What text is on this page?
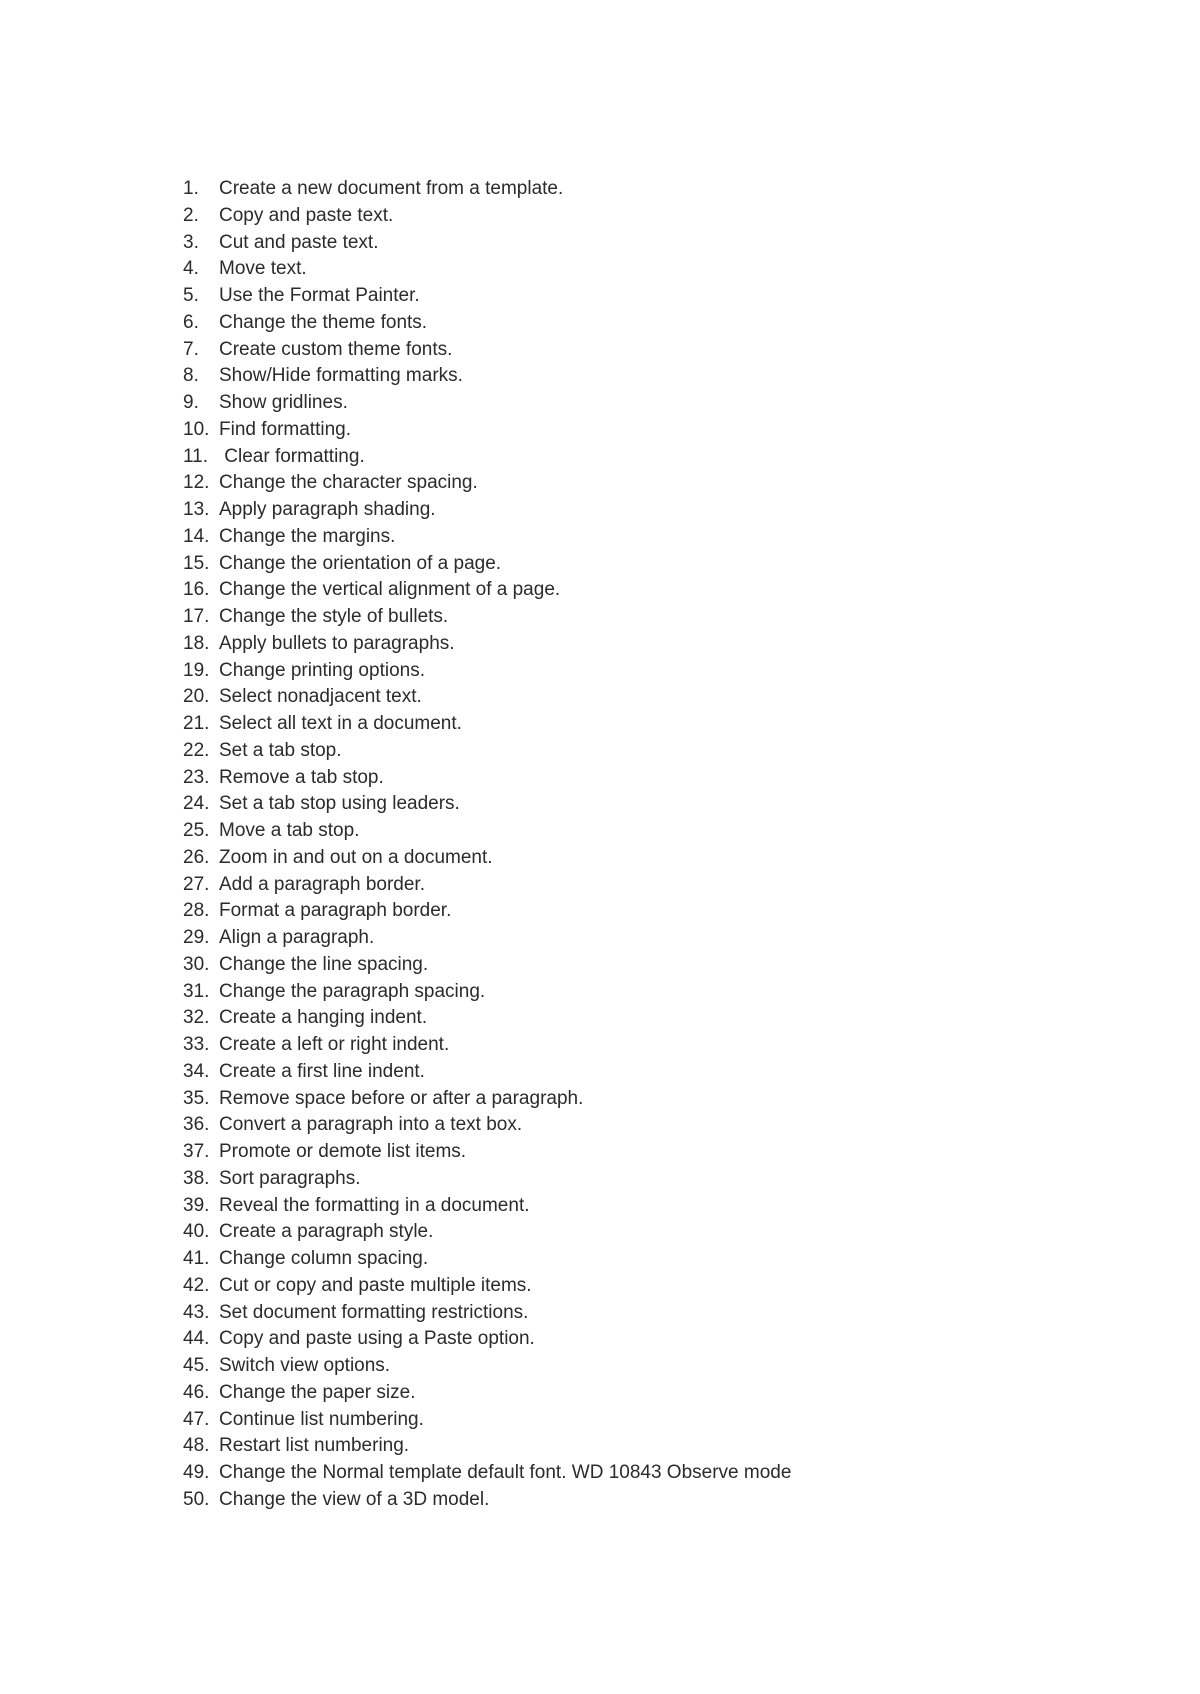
1.	Create a new document from a template.
2.	Copy and paste text.
3.	Cut and paste text.
4.	Move text.
5.	Use the Format Painter.
6.	Change the theme fonts.
7.	Create custom theme fonts.
8.	Show/Hide formatting marks.
9.	Show gridlines.
10. Find formatting.
11. Clear formatting.
12. Change the character spacing.
13. Apply paragraph shading.
14. Change the margins.
15. Change the orientation of a page.
16. Change the vertical alignment of a page.
17. Change the style of bullets.
18. Apply bullets to paragraphs.
19. Change printing options.
20. Select nonadjacent text.
21. Select all text in a document.
22. Set a tab stop.
23. Remove a tab stop.
24. Set a tab stop using leaders.
25. Move a tab stop.
26. Zoom in and out on a document.
27. Add a paragraph border.
28. Format a paragraph border.
29. Align a paragraph.
30. Change the line spacing.
31. Change the paragraph spacing.
32. Create a hanging indent.
33. Create a left or right indent.
34. Create a first line indent.
35. Remove space before or after a paragraph.
36. Convert a paragraph into a text box.
37. Promote or demote list items.
38. Sort paragraphs.
39. Reveal the formatting in a document.
40. Create a paragraph style.
41. Change column spacing.
42. Cut or copy and paste multiple items.
43. Set document formatting restrictions.
44. Copy and paste using a Paste option.
45. Switch view options.
46. Change the paper size.
47. Continue list numbering.
48. Restart list numbering.
49. Change the Normal template default font. WD 10843 Observe mode
50. Change the view of a 3D model.
